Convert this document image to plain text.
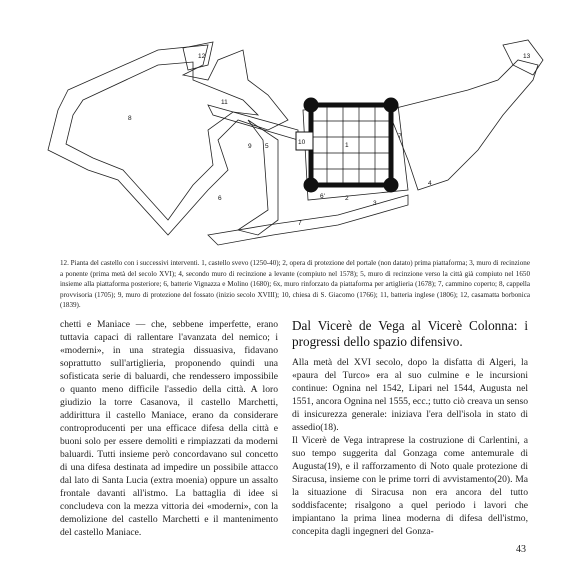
12
11
8
9
10	1
7
5
6	6'	2
3
4
7
13
12. Pianta del castello con i successivi interventi. 1, castello svevo (1250-40); 2, opera di protezione del portale (non datato) prima piattaforma; 3, muro di recinzione a ponente (prima metà del secolo XVI); 4, secondo muro di recinzione a levante (compiuto nel 1578); 5, muro di recinzione verso la città già compiuto nel 1650 insieme alla piattaforma posteriore; 6, batterie Vignazza e Molino (1680); 6x, muro rinforzato da piattaforma per artiglieria (1678); 7, cammino coperto; 8, cappella provvisoria (1705); 9, muro di protezione del fossato (inizio secolo XVIII); 10, chiesa di S. Giacomo (1766); 11, batteria inglese (1806); 12, casamatta borbonica (1839).

chetti e Maniace — che, sebbene imperfette, erano tuttavia capaci di rallentare l'avanzata del nemico; i «moderni», in una strategia dissuasiva, fidavano soprattutto sull'artiglieria, proponendo quindi una sofisticata serie di baluardi, che rendessero impossibile o quanto meno difficile l'assedio della città. A loro giudizio la torre Casanova, il castello Marchetti, addirittura il castello Maniace, erano da considerare controproducenti per una efficace difesa della città e buoni solo per essere demoliti e rimpiazzati da moderni baluardi. Tutti insieme però concordavano sul concetto di una difesa destinata ad impedire un possibile attacco dal lato di Santa Lucia (extra moenia) oppure un assalto frontale davanti all'istmo. La battaglia di idee si concludeva con la mezza vittoria dei «moderni», con la demolizione del castello Marchetti e il mantenimento del castello Maniace.

Dal Vicerè de Vega al Vicerè Colonna: i progressi dello spazio difensivo.

Alla metà del XVI secolo, dopo la disfatta di Algeri, la «paura del Turco» era al suo culmine e le incursioni continue: Ognina nel 1542, Lipari nel 1544, Augusta nel 1551, ancora Ognina nel 1555, ecc.; tutto ciò creava un senso di insicurezza generale: iniziava l'era dell'isola in stato di assedio(18).

Il Vicerè de Vega intraprese la costruzione di Carlentini, a suo tempo suggerita dal Gonzaga come antemurale di Augusta(19), e il rafforzamento di Noto quale protezione di Siracusa, insieme con le prime torri di avvistamento(20). Ma la situazione di Siracusa non era ancora del tutto soddisfacente; risalgono a quel periodo i lavori che impiantano la prima linea moderna di difesa dell'istmo, concepita dagli ingegneri del Gonza-

43
